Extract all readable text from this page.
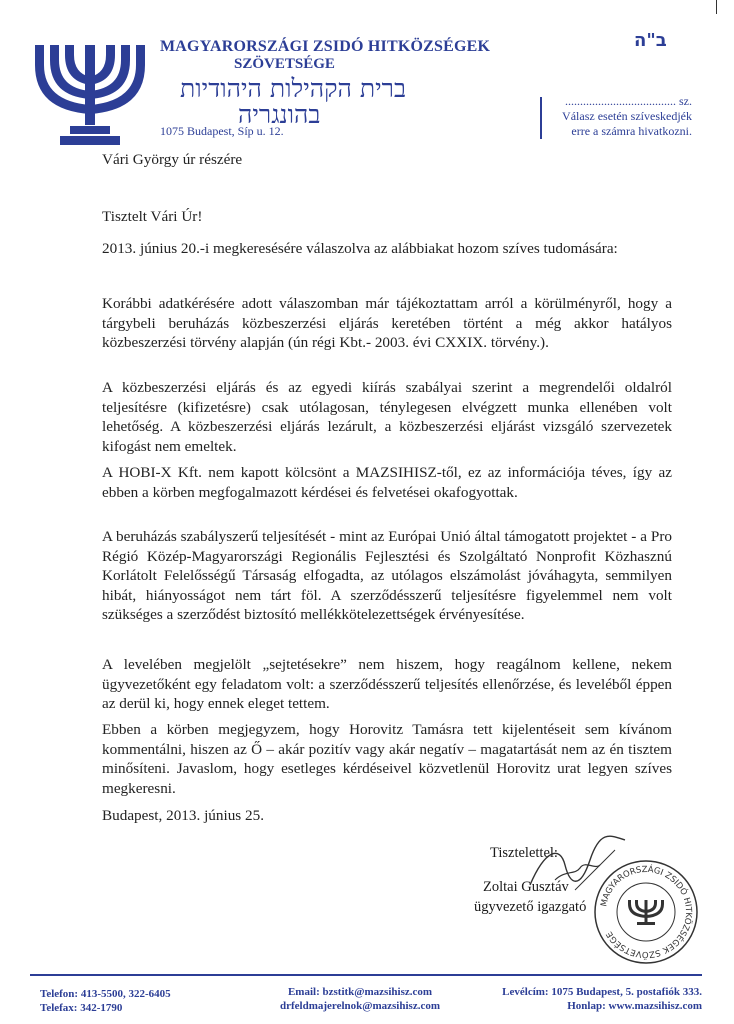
MAGYARORSZÁGI ZSIDÓ HITKÖZSÉGEK
SZÖVETSÉGE
ברית הקהילות היהודיות
בהונגריה
1075 Budapest, Síp u. 12.
ב"ה
..................................... sz.
Válasz esetén szíveskedjék
erre a számra hivatkozni.
Vári György úr részére
Tisztelt Vári Úr!
2013. június 20.-i megkeresésére válaszolva az alábbiakat hozom szíves tudomására:
Korábbi adatkérésére adott válaszomban már tájékoztattam arról a körülményről, hogy a tárgybeli beruházás közbeszerzési eljárás keretében történt a még akkor hatályos közbeszerzési törvény alapján (ún régi Kbt.- 2003. évi CXXIX. törvény.).
A közbeszerzési eljárás és az egyedi kiírás szabályai szerint a megrendelői oldalról teljesítésre (kifizetésre) csak utólagosan, ténylegesen elvégzett munka ellenében volt lehetőség. A közbeszerzési eljárás lezárult, a közbeszerzési eljárást vizsgáló szervezetek kifogást nem emeltek.
A HOBI-X Kft. nem kapott kölcsönt a MAZSIHISZ-től, ez az információja téves, így az ebben a körben megfogalmazott kérdései és felvetései okafogyottak.
A beruházás szabályszerű teljesítését - mint az Európai Unió által támogatott projektet - a Pro Régió Közép-Magyarországi Regionális Fejlesztési és Szolgáltató Nonprofit Közhasznú Korlátolt Felelősségű Társaság elfogadta, az utólagos elszámolást jóváhagyta, semmilyen hibát, hiányosságot nem tárt föl. A szerződésszerű teljesítésre figyelemmel nem volt szükséges a szerződést biztosító mellékkötelezettségek érvényesítése.
A levelében megjelölt „sejtetésekre” nem hiszem, hogy reagálnom kellene, nekem ügyvezetőként egy feladatom volt: a szerződésszerű teljesítés ellenőrzése, és leveléből éppen az derül ki, hogy ennek eleget tettem.
Ebben a körben megjegyzem, hogy Horovitz Tamásra tett kijelentéseit sem kívánom kommentálni, hiszen az Ő – akár pozitív vagy akár negatív – magatartását nem az én tisztem minősíteni. Javaslom, hogy esetleges kérdéseivel közvetlenül Horovitz urat legyen szíves megkeresni.
Budapest, 2013. június 25.
Tisztelettel:
Zoltai Gusztáv
ügyvezető igazgató MAGYARORSZÁGI ZSIDÓ HITKÖZSÉGEK SZÖVETSÉGE
Telefon: 413-5500, 322-6405
Telefax: 342-1790
Email: bzstitk@mazsihisz.com
drfeldmajerelnok@mazsihisz.com
Levélcím: 1075 Budapest, 5. postafiók 333.
Honlap: www.mazsihisz.com
